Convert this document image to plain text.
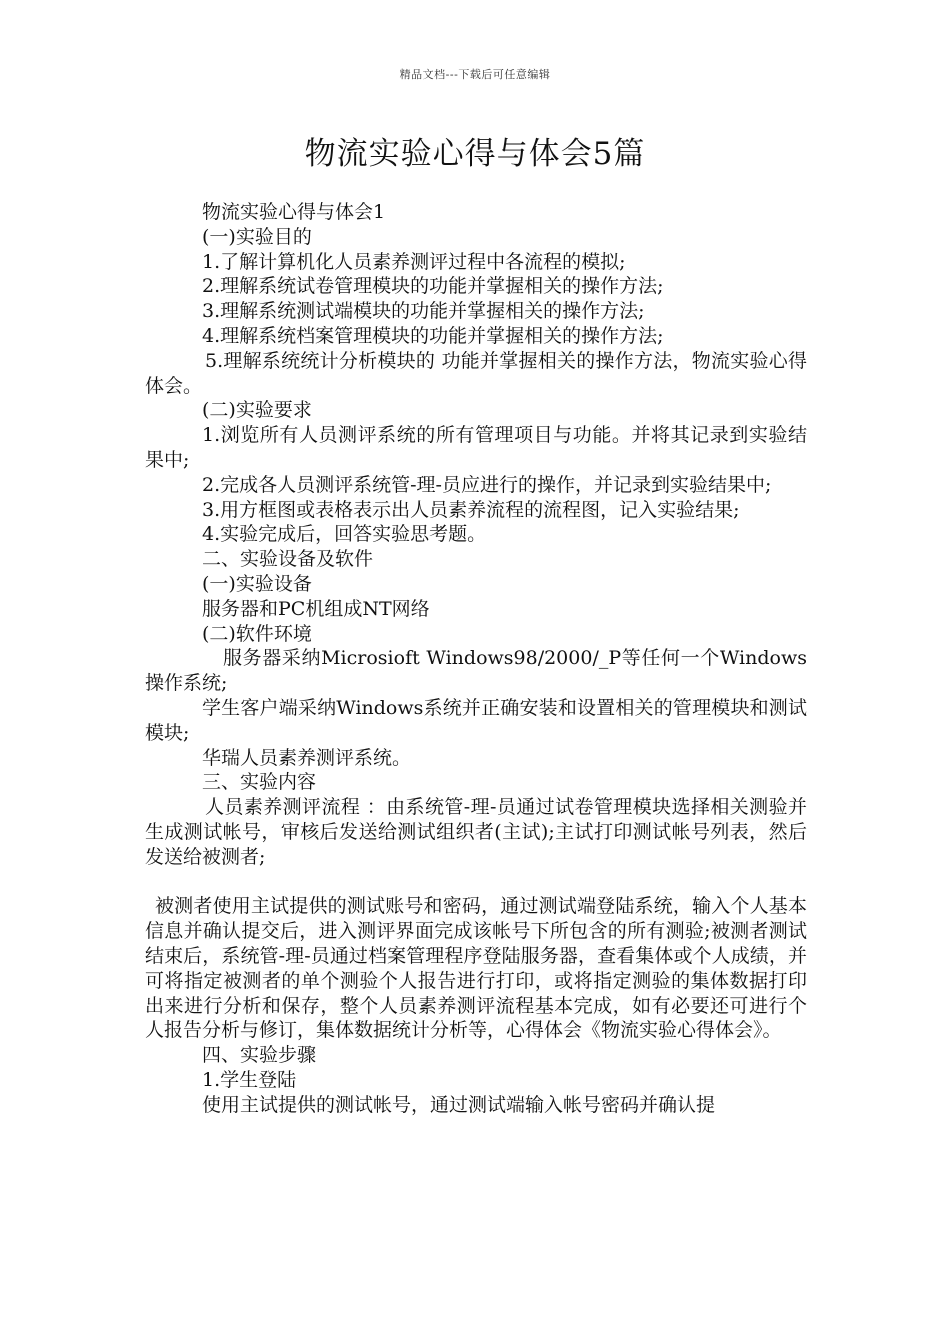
精品文档---下载后可任意编辑
物流实验心得与体会5篇

物流实验心得与体会1

(一)实验目的

1.了解计算机化人员素养测评过程中各流程的模拟;

2.理解系统试卷管理模块的功能并掌握相关的操作方法;

3.理解系统测试端模块的功能并掌握相关的操作方法;

4.理解系统档案管理模块的功能并掌握相关的操作方法;

5.理解系统统计分析模块的 功能并掌握相关的操作方法，物流实验心得体会。

(二)实验要求

1.浏览所有人员测评系统的所有管理项目与功能。并将其记录到实验结果中;

2.完成各人员测评系统管-理-员应进行的操作，并记录到实验结果中;

3.用方框图或表格表示出人员素养流程的流程图，记入实验结果;

4.实验完成后，回答实验思考题。

二、实验设备及软件

(一)实验设备

服务器和PC机组成NT网络

(二)软件环境

服务器采纳Microsioft Windows98/2000/_P等任何一个Windows操作系统;

学生客户端采纳Windows系统并正确安装和设置相关的管理模块和测试模块;

华瑞人员素养测评系统。

三、实验内容

人员素养测评流程 ：由系统管-理-员通过试卷管理模块选择相关测验并生成测试帐号，审核后发送给测试组织者(主试);主试打印测试帐号列表，然后发送给被测者;

被测者使用主试提供的测试账号和密码，通过测试端登陆系统，输入个人基本信息并确认提交后，进入测评界面完成该帐号下所包含的所有测验;被测者测试结束后，系统管-理-员通过档案管理程序登陆服务器，查看集体或个人成绩，并可将指定被测者的单个测验个人报告进行打印，或将指定测验的集体数据打印出来进行分析和保存，整个人员素养测评流程基本完成，如有必要还可进行个人报告分析与修订，集体数据统计分析等，心得体会《物流实验心得体会》。

四、实验步骤

1.学生登陆

使用主试提供的测试帐号，通过测试端输入帐号密码并确认提
